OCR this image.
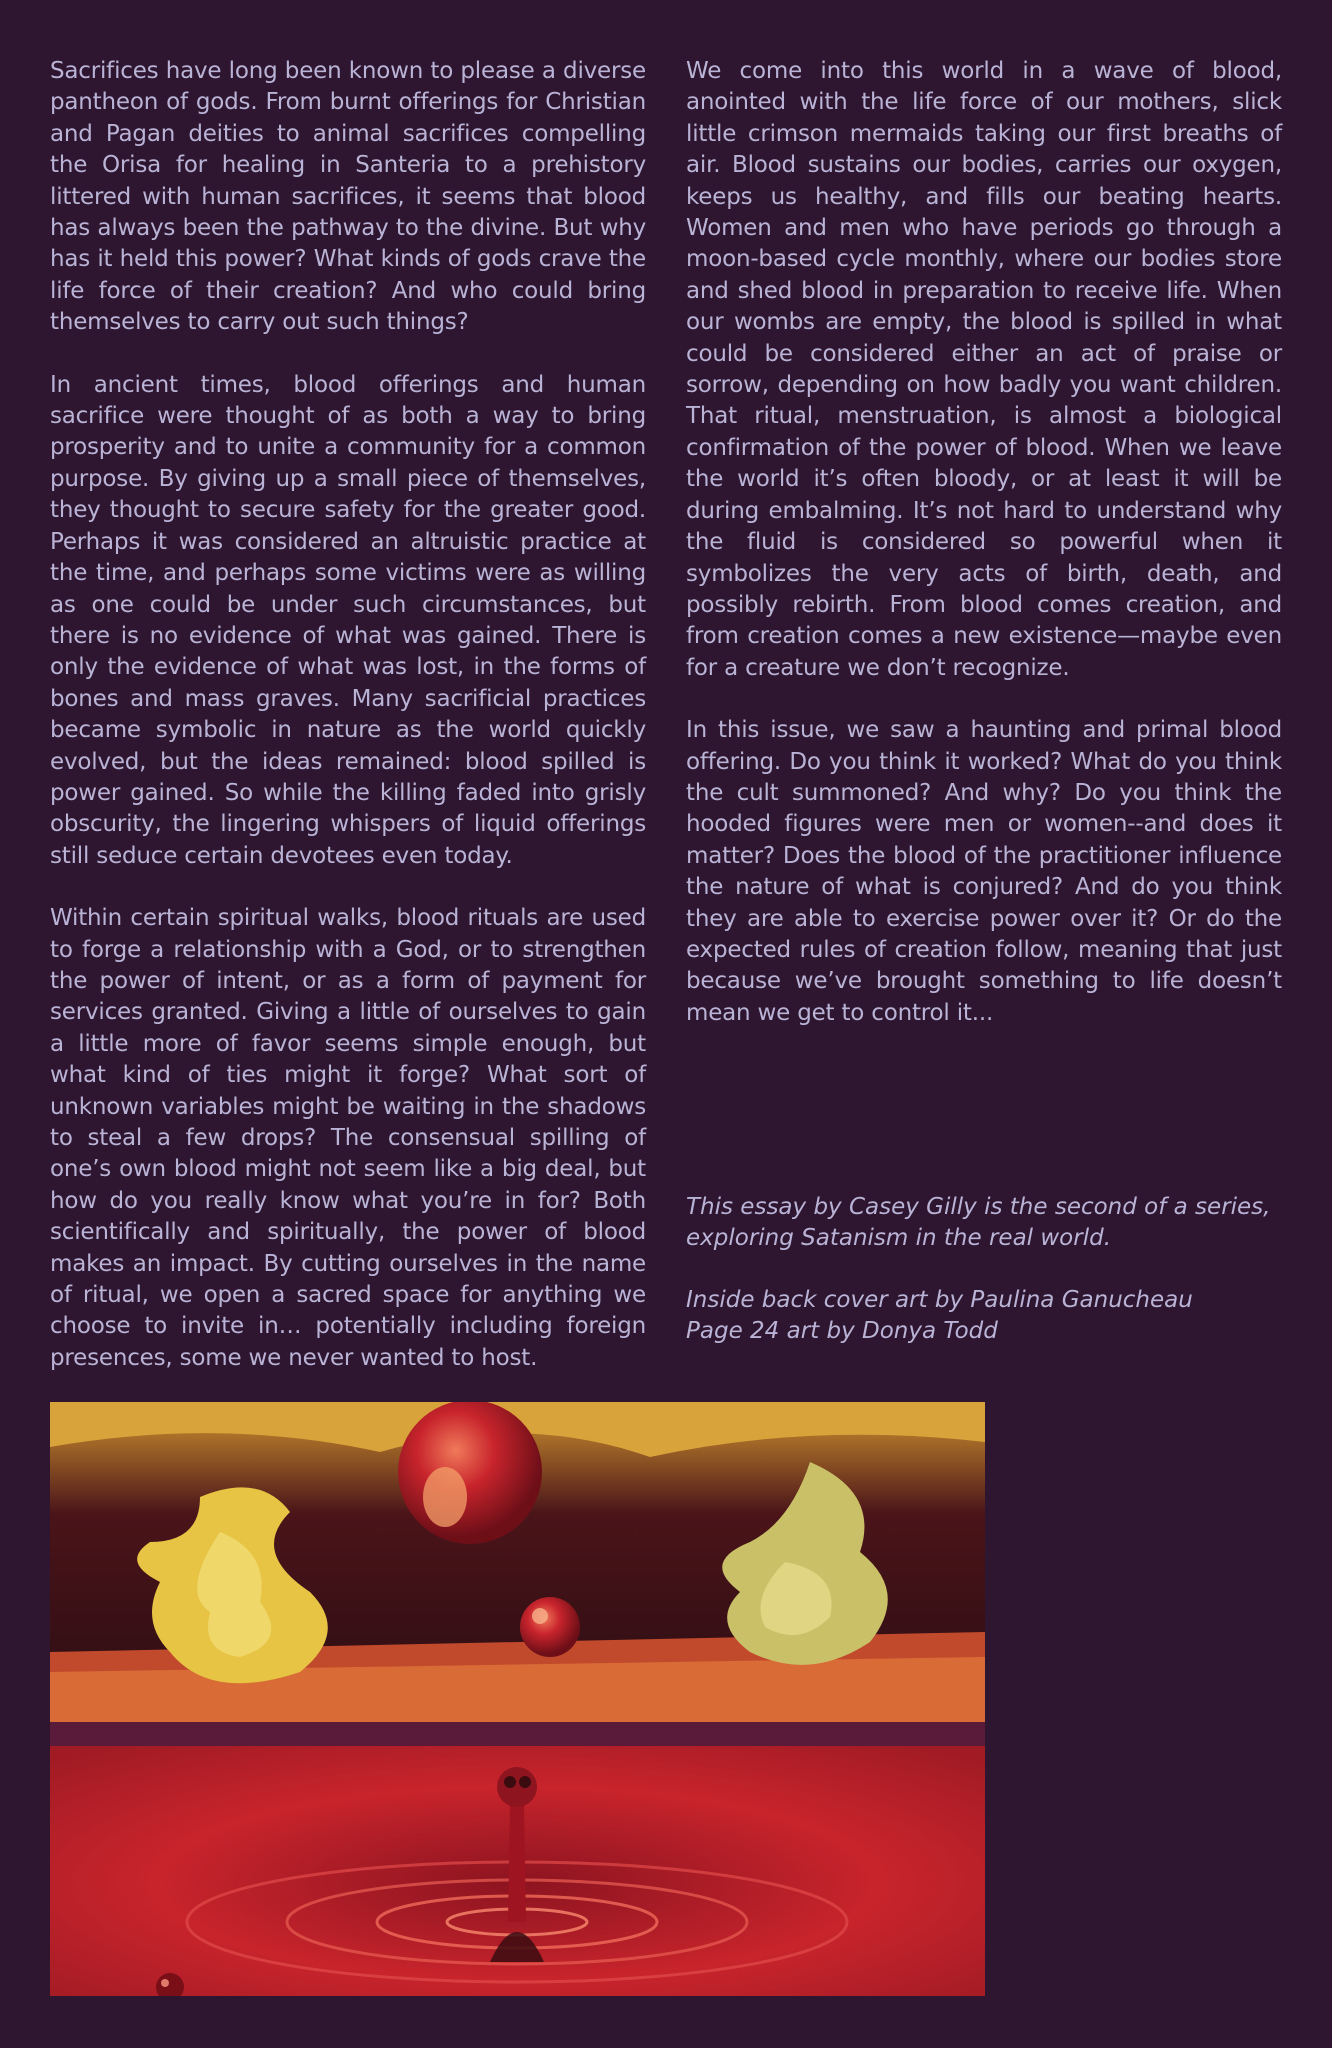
Sacrifices have long been known to please a diverse pantheon of gods. From burnt offerings for Christian and Pagan deities to animal sacrifices compelling the Orisa for healing in Santeria to a prehistory littered with human sacrifices, it seems that blood has always been the pathway to the divine. But why has it held this power? What kinds of gods crave the life force of their creation? And who could bring themselves to carry out such things?

In ancient times, blood offerings and human sacrifice were thought of as both a way to bring prosperity and to unite a community for a common purpose. By giving up a small piece of themselves, they thought to secure safety for the greater good. Perhaps it was considered an altruistic practice at the time, and perhaps some victims were as willing as one could be under such circumstances, but there is no evidence of what was gained. There is only the evidence of what was lost, in the forms of bones and mass graves. Many sacrificial practices became symbolic in nature as the world quickly evolved, but the ideas remained: blood spilled is power gained. So while the killing faded into grisly obscurity, the lingering whispers of liquid offerings still seduce certain devotees even today.

Within certain spiritual walks, blood rituals are used to forge a relationship with a God, or to strengthen the power of intent, or as a form of payment for services granted. Giving a little of ourselves to gain a little more of favor seems simple enough, but what kind of ties might it forge? What sort of unknown variables might be waiting in the shadows to steal a few drops? The consensual spilling of one’s own blood might not seem like a big deal, but how do you really know what you’re in for? Both scientifically and spiritually, the power of blood makes an impact. By cutting ourselves in the name of ritual, we open a sacred space for anything we choose to invite in… potentially including foreign presences, some we never wanted to host.

We come into this world in a wave of blood, anointed with the life force of our mothers, slick little crimson mermaids taking our first breaths of air. Blood sustains our bodies, carries our oxygen, keeps us healthy, and fills our beating hearts. Women and men who have periods go through a moon-based cycle monthly, where our bodies store and shed blood in preparation to receive life. When our wombs are empty, the blood is spilled in what could be considered either an act of praise or sorrow, depending on how badly you want children. That ritual, menstruation, is almost a biological confirmation of the power of blood. When we leave the world it’s often bloody, or at least it will be during embalming. It’s not hard to understand why the fluid is considered so powerful when it symbolizes the very acts of birth, death, and possibly rebirth. From blood comes creation, and from creation comes a new existence—maybe even for a creature we don’t recognize.

In this issue, we saw a haunting and primal blood offering. Do you think it worked? What do you think the cult summoned? And why? Do you think the hooded figures were men or women--and does it matter? Does the blood of the practitioner influence the nature of what is conjured? And do you think they are able to exercise power over it? Or do the expected rules of creation follow, meaning that just because we’ve brought something to life doesn’t mean we get to control it...

This essay by Casey Gilly is the second of a series,
exploring Satanism in the real world.
Inside back cover art by Paulina Ganucheau
Page 24 art by Donya Todd
